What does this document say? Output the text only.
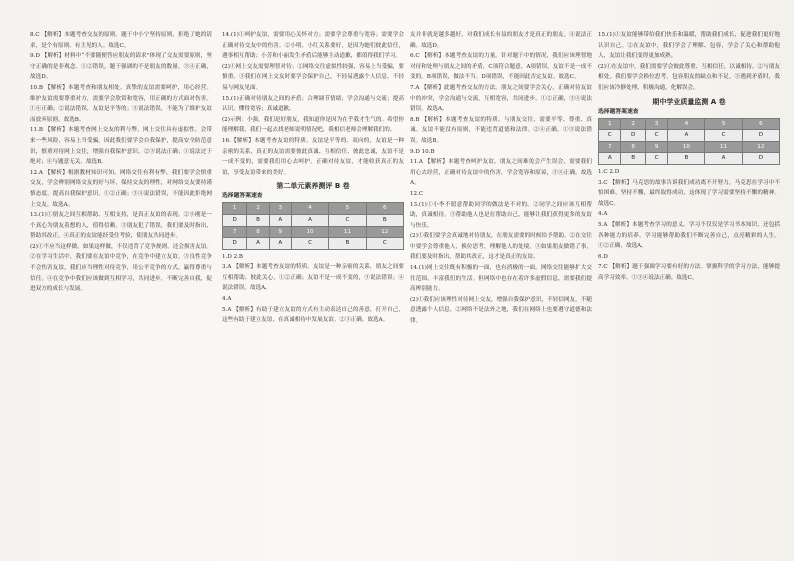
8.C 【解析】本题考查交友的原则。题干中小宁坚持原则，拒绝了她的请求，是个有原则、有主见的人。故选C。

9.D 【解析】材料中“不要随便答应朋友的请求”体现了交友需要原则，坚守正确的是非观念。①②错误，题干强调的不是朋友的数量。③④正确，故选D。

10.B 【解析】本题考查和朋友相处。真挚的友谊需要呵护，用心经营。维护友谊需要尊重对方，需要学会欣赏和宽容，用正确的方式面对伤害。①④正确；②说法错误，友谊是平等的；③说法错误，不能为了维护友谊而放弃原则。故选B。

11.B 【解析】本题考查网上交友的利与弊。网上交往具有虚拟性，会带来一些风险，容易上当受骗。因此我们要学会自我保护，提高安全防范意识，慎重对待网上交往，增强自我保护意识。②③说法正确；①说法过于绝对；④与题意无关。故选B。

12.A 【解析】根据教材知识可知，网络交往有利有弊，我们要学会慎重交友，学会辨别网络交友的好与坏，保持交友的理性，对网络交友要持谨慎态度，提高自我保护意识。①②正确；③④说法错误，不能因此拒绝网上交友。故选A。

13.(1)①朋友之间互相帮助、互相支持，是真正友谊的表现。②小刚是一个真心为朋友着想的人，值得信赖。③朋友犯了错误，我们要及时指出，帮助其改正。④真正的友谊能经受住考验，使朋友共同进步。

(2)①不应当这样做。如果这样做，不仅违背了竞争规则，还会损害友谊。②在学习生活中，我们要在友谊中竞争，在竞争中建立友谊。③良性竞争不会伤害友谊，我们应当理性对待竞争，用公平竞争的方式，赢得尊重与信任。④在竞争中我们应该做到互相学习，共同进步，不断完善自我，促进双方的成长与发展。

14.(1)①呵护友谊，需要用心关怀对方；需要学会尊重与宽容；需要学会正确对待交友中的伤害。②小明、小红关系要好，是因为她们彼此信任，遇事相互帮助；小芳和小丽发生矛盾后能够主动道歉，都值得我们学习。

(2)①网上交友需要理智对待；②网络交往虚拟性较强，容易上当受骗，要慎重。③我们在网上交友时要学会保护自己，不轻易透露个人信息，不轻易与网友见面。

15.(1)正确对待朋友之间的矛盾；合理调节情绪；学会沟通与交流；提高认识，懂得宽容；真诚道歉。

(2)示例：小强，我们是好朋友，我知道你是因为在乎我才生气的。希望你能理解我，我们一起去找老师说明情况吧，我相信老师会理解我们的。

16.【解析】本题考查友谊的特质。友谊是平等的、双向的，友谊是一种亲密的关系，真正的友谊需要彼此真诚、互相信任、彼此忠诚，友谊不是一成不变的，需要我们用心去呵护。正确对待友谊，才能收获真正的友谊，享受友谊带来的美好。

第二单元素养测评 B 卷
选择题答案速查
1	2	3	4	5	6
D	B	A	A	C	B
7	8	9	10	11	12
D	A	A	C	B	C

1.D 2.B

3.A 【解析】本题考查友谊的特质。友谊是一种亲密的关系，朋友之间要互相帮助、彼此关心，①②正确；友谊不是一成不变的，③说法错误；④说法错误。故选A。

4.A

5.A 【解析】有助于建立友谊的方式有主动表达自己的善意，打开自己，这些有助于建立友谊，在真诚相待中发展友谊。②③正确。故选A。

友并非就是越多越好，对我们成长有益的朋友才是真正的朋友。④说法正确。故选D。

6.C 【解析】本题考查友谊的力量。针对题干中的情况，我们应该理智地对待和处理与朋友之间的矛盾，C项符合题意。A项错误，友谊不是一成不变的。B项错误，做法不当。D项错误，不能因此否定友谊。故选C。

7.A 【解析】此题考查交友的方法。朋友之间要学会关心，正确对待友谊中的冲突，学会沟通与交流，互相宽容，共同进步。①②正确，③④说法错误。故选A。

8.B 【解析】本题考查友谊的特质。与朋友交往，需要平等、尊重、真诚。友谊不能没有原则，不能违背道德和法律。②④正确，①③说法错误。故选B。

9.D 10.B

11.A 【解析】本题考查呵护友谊。朋友之间难免会产生误会，需要我们用心去经营，正确对待友谊中的伤害，学会宽容和原谅，③④正确。故选A。

12.C

13.(1)①小李不愿意帮助同学的做法是不对的。②同学之间应该互相帮助，真诚相待。③帮助他人也是在帮助自己，能够让我们获得更多的友谊与快乐。

(2)①我们要学会真诚地对待朋友，在朋友需要的时候给予帮助。②在交往中要学会尊重他人，换位思考，理解他人的处境。③如果朋友做错了事，我们要及时指出，帮助其改正，这才是真正的友谊。

14.(1)网上交往既有积极的一面，也有消极的一面。网络交往能够扩大交往范围，丰富我们的生活。但网络中也存在着许多虚假信息，需要我们提高辨别能力。

(2)①我们应该理性对待网上交友，增强自我保护意识，不轻信网友，不随意透露个人信息。②网络不是法外之地，我们在网络上也要遵守道德和法律。

15.(1)①友谊能够带给我们快乐和温暖，帮助我们成长，促进我们更好地认识自己。②在友谊中，我们学会了理解、包容，学会了关心和帮助他人，友谊让我们变得更加成熟。

(2)①在友谊中，我们需要学会彼此尊重、互相信任，以诚相待。②与朋友相处，我们要学会换位思考，包容朋友的缺点和不足。③遇到矛盾时，我们应该冷静处理，积极沟通，化解误会。

期中学业质量监测 A 卷
选择题答案速查
1	2	3	4	5	6
C	D	C	A	C	D
7	8	9	10	11	12
A	B	C	B	A	D

1.C 2.D

3.C 【解析】马克思的故事告诉我们成功离不开努力，马克思在学习中不怕困难，坚持不懈，最终取得成功，这体现了学习需要坚持不懈的精神。故选C。

4.A

5.A 【解析】本题考查学习的意义。学习不仅仅是学习书本知识，还包括各种能力的培养。学习能够帮助我们不断完善自己，点亮精彩的人生。①②正确，故选A。

6.D

7.C 【解析】题干强调学习要有好的方法。掌握科学的学习方法，能够提高学习效率。①③④说法正确。故选C。
